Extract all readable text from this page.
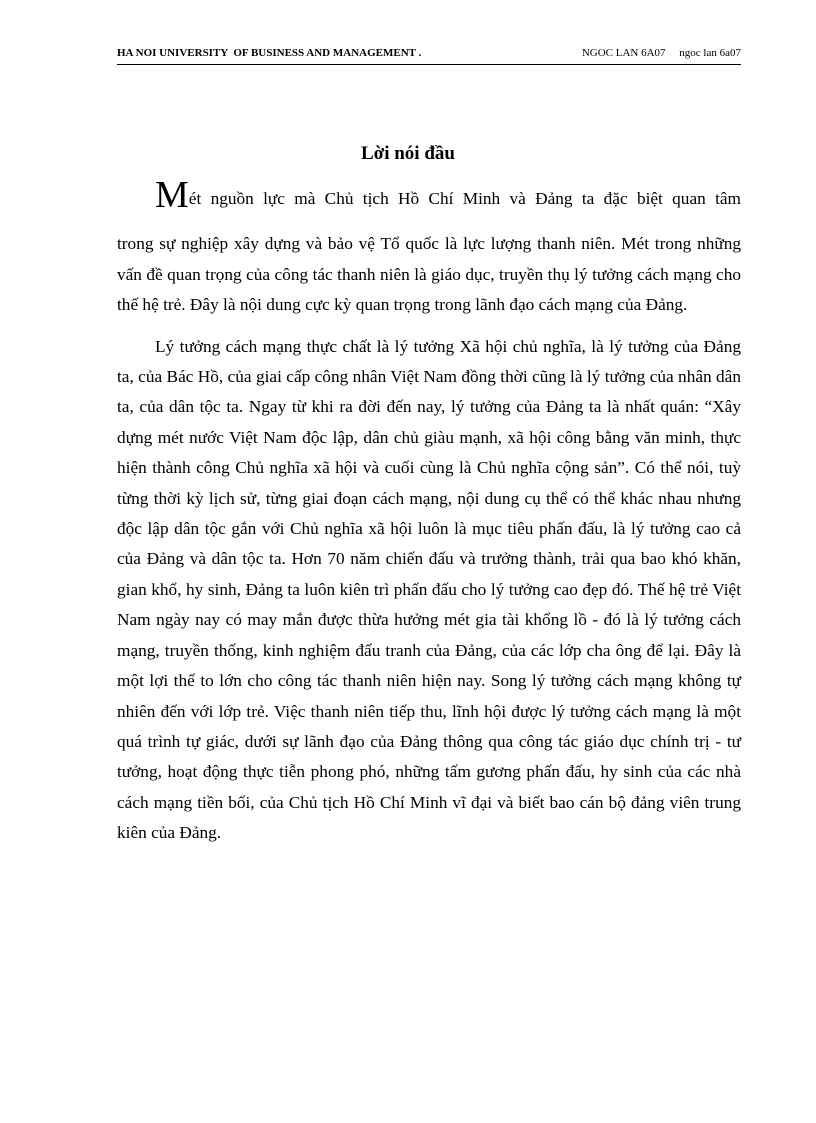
HA NOI UNIVERSITY  OF BUSINESS AND MANAGEMENT .	NGOC LAN 6A07 ngoc lan 6a07
Lời nói đầu

Mét nguồn lực mà Chủ tịch Hồ Chí Minh và Đảng ta đặc biệt quan tâm

trong sự nghiệp xây dựng và bảo vệ Tổ quốc là lực lượng thanh niên. Mét trong những vấn đề quan trọng của công tác thanh niên là giáo dục, truyền thụ lý tưởng cách mạng cho thế hệ trẻ. Đây là nội dung cực kỳ quan trọng trong lãnh đạo cách mạng của Đảng.

Lý tưởng cách mạng thực chất là lý tưởng Xã hội chủ nghĩa, là lý tưởng của Đảng ta, của Bác Hồ, của giai cấp công nhân Việt Nam đồng thời cũng là lý tưởng của nhân dân ta, của dân tộc ta. Ngay từ khi ra đời đến nay, lý tưởng của Đảng ta là nhất quán: “Xây dựng mét nước Việt Nam độc lập, dân chủ giàu mạnh, xã hội công bằng văn minh, thực hiện thành công Chủ nghĩa xã hội và cuối cùng là Chủ nghĩa cộng sản”. Có thể nói, tuỳ từng thời kỳ lịch sử, từng giai đoạn cách mạng, nội dung cụ thể có thể khác nhau nhưng độc lập dân tộc gắn với Chủ nghĩa xã hội luôn là mục tiêu phấn đấu, là lý tưởng cao cả của Đảng và dân tộc ta. Hơn 70 năm chiến đấu và trưởng thành, trải qua bao khó khăn, gian khổ, hy sinh, Đảng ta luôn kiên trì phấn đấu cho lý tưởng cao đẹp đó. Thế hệ trẻ Việt Nam ngày nay có may mắn được thừa hưởng mét gia tài khổng lồ - đó là lý tưởng cách mạng, truyền thống, kinh nghiệm đấu tranh của Đảng, của các lớp cha ông để lại. Đây là một lợi thế to lớn cho công tác thanh niên hiện nay. Song lý tưởng cách mạng không tự nhiên đến với lớp trẻ. Việc thanh niên tiếp thu, lĩnh hội được lý tưởng cách mạng là một quá trình tự giác, dưới sự lãnh đạo của Đảng thông qua công tác giáo dục chính trị - tư tưởng, hoạt động thực tiễn phong phó, những tấm gương phấn đấu, hy sinh của các nhà cách mạng tiền bối, của Chủ tịch Hồ Chí Minh vĩ đại và biết bao cán bộ đảng viên trung kiên của Đảng.
